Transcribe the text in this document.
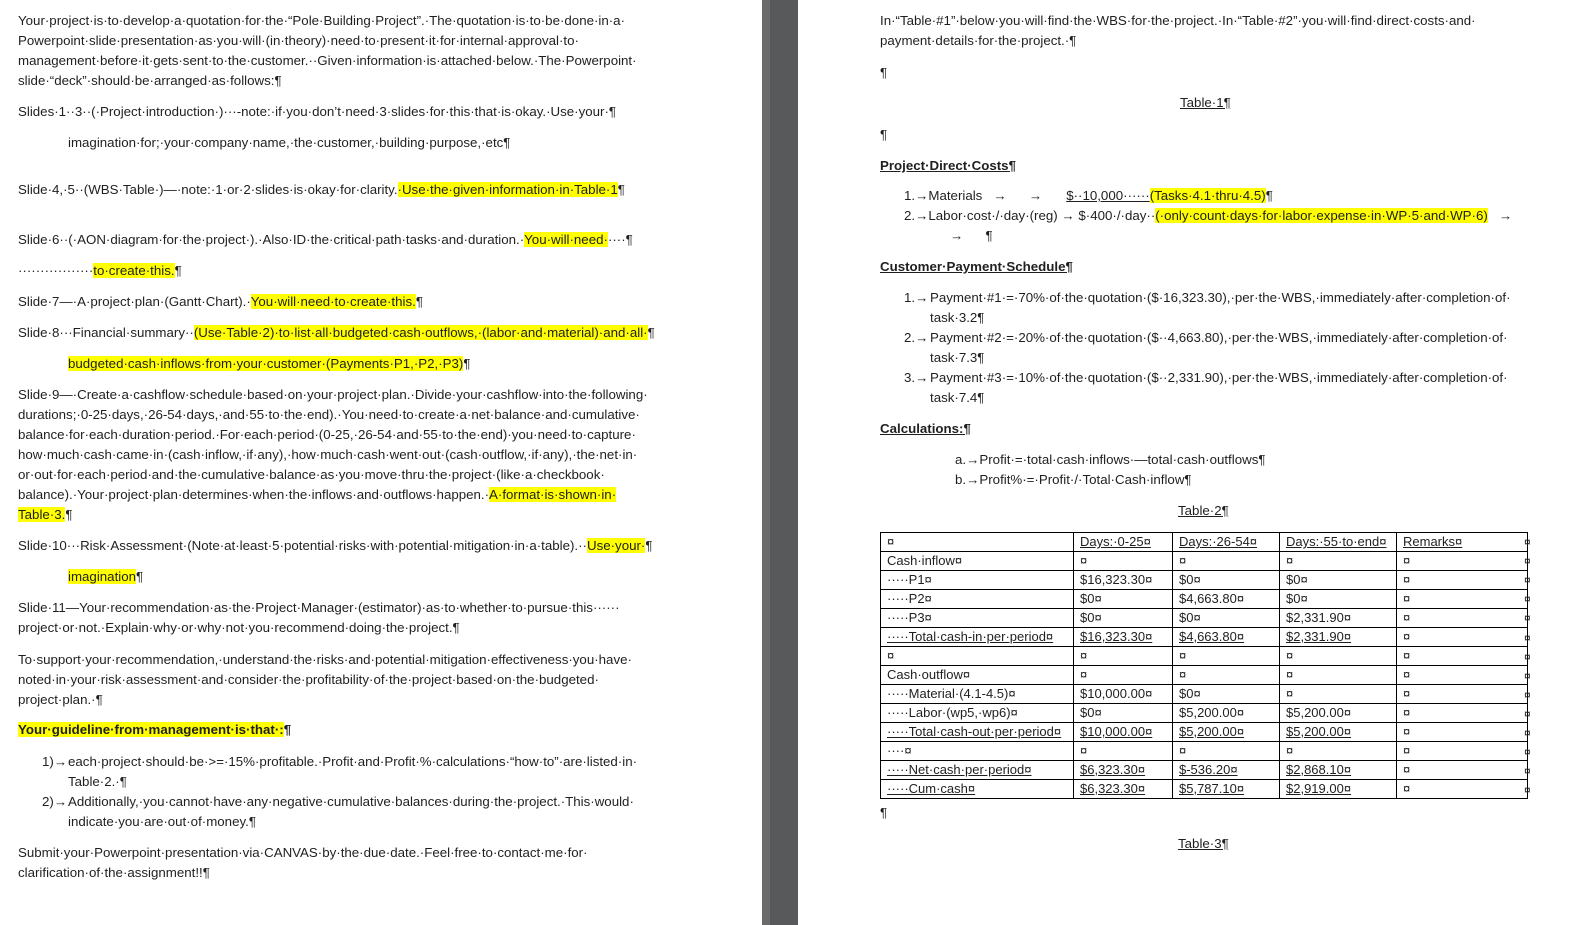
Your·project·is·to·develop·a·quotation·for·the·“Pole·Building·Project”.·The·quotation·is·to·be·done·in·a·
Powerpoint·slide·presentation·as·you·will·(in·theory)·need·to·present·it·for·internal·approval·to·
management·before·it·gets·sent·to·the·customer.··Given·information·is·attached·below.·The·Powerpoint·
slide·“deck”·should·be·arranged·as·follows:¶
Slides·1··3··(·Project·introduction·)···-note:·if·you·don’t·need·3·slides·for·this·that·is·okay.·Use·your·¶
imagination·for;·your·company·name,·the·customer,·building·purpose,·etc¶
Slide·4,·5··(WBS·Table·)—·note:·1·or·2·slides·is·okay·for·clarity.·Use·the·given·information·in·Table·1¶
Slide·6··(·AON·diagram·for·the·project·).·Also·ID·the·critical·path·tasks·and·duration.·You·will·need·····¶
·················to·create·this.¶
Slide·7—·A·project·plan·(Gantt·Chart).·You·will·need·to·create·this.¶
Slide·8···Financial·summary··(Use·Table·2)·to·list·all·budgeted·cash·outflows,·(labor·and·material)·and·all·¶
budgeted·cash·inflows·from·your·customer·(Payments·P1,·P2,·P3)¶
Slide·9—·Create·a·cashflow·schedule·based·on·your·project·plan.·Divide·your·cashflow·into·the·following·
durations;·0-25·days,·26-54·days,·and·55·to·the·end).·You·need·to·create·a·net·balance·and·cumulative·
balance·for·each·duration·period.·For·each·period·(0-25,·26-54·and·55·to·the·end)·you·need·to·capture·
how·much·cash·came·in·(cash·inflow,·if·any),·how·much·cash·went·out·(cash·outflow,·if·any),·the·net·in·
or·out·for·each·period·and·the·cumulative·balance·as·you·move·thru·the·project·(like·a·checkbook·
balance).·Your·project·plan·determines·when·the·inflows·and·outflows·happen.·A·format·is·shown·in·
Table·3.¶
Slide·10···Risk·Assessment·(Note·at·least·5·potential·risks·with·potential·mitigation·in·a·table).··Use·your·¶
imagination¶
Slide·11—Your·recommendation·as·the·Project·Manager·(estimator)·as·to·whether·to·pursue·this······
project·or·not.·Explain·why·or·why·not·you·recommend·doing·the·project.¶
To·support·your·recommendation,·understand·the·risks·and·potential·mitigation·effectiveness·you·have·
noted·in·your·risk·assessment·and·consider·the·profitability·of·the·project·based·on·the·budgeted·
project·plan.·¶
Your·guideline·from·management·is·that·:¶
1)→ each·project·should·be·>=·15%·profitable.·Profit·and·Profit·%·calculations·“how·to”·are·listed·in·
Table·2.·¶
2)→ Additionally,·you·cannot·have·any·negative·cumulative·balances·during·the·project.·This·would·
indicate·you·are·out·of·money.¶
Submit·your·Powerpoint·presentation·via·CANVAS·by·the·due·date.·Feel·free·to·contact·me·for·
clarification·of·the·assignment!!¶
In·“Table·#1”·below·you·will·find·the·WBS·for·the·project.·In·“Table·#2”·you·will·find·direct·costs·and·
payment·details·for·the·project.·¶
¶
Table·1¶
¶
Project·Direct·Costs¶
1.→Materials   →      → $··10,000······(Tasks·4.1·thru·4.5)¶
2.→Labor·cost·/·day·(reg) → $·400·/·day··(·only·count·days·for·labor·expense·in·WP·5·and·WP·6)   →
→      ¶
Customer·Payment·Schedule¶
1.→ Payment·#1·=·70%·of·the·quotation·($·16,323.30),·per·the·WBS,·immediately·after·completion·of·
task·3.2¶
2.→ Payment·#2·=·20%·of·the·quotation·($··4,663.80),·per·the·WBS,·immediately·after·completion·of·
task·7.3¶
3.→ Payment·#3·=·10%·of·the·quotation·($··2,331.90),·per·the·WBS,·immediately·after·completion·of·
task·7.4¶
Calculations:¶
a.→Profit·=·total·cash·inflows·—total·cash·outflows¶
b.→Profit%·=·Profit·/·Total·Cash·inflow¶
Table·2¶
¤	Days:·0-25¤	Days:·26-54¤	Days:·55·to·end¤	Remarks¤
Cash·inflow¤	¤	¤	¤	¤
·····P1¤	$16,323.30¤	$0¤	$0¤	¤
·····P2¤	$0¤	$4,663.80¤	$0¤	¤
·····P3¤	$0¤	$0¤	$2,331.90¤	¤
·····Total·cash-in·per·period¤	$16,323.30¤	$4,663.80¤	$2,331.90¤	¤
¤	¤	¤	¤	¤
Cash·outflow¤	¤	¤	¤	¤
·····Material·(4.1-4.5)¤	$10,000.00¤	$0¤	¤	¤
·····Labor·(wp5,·wp6)¤	$0¤	$5,200.00¤	$5,200.00¤	¤
·····Total·cash-out·per·period¤	$10,000.00¤	$5,200.00¤	$5,200.00¤	¤
····¤	¤	¤	¤	¤
·····Net·cash·per·period¤	$6,323.30¤	$-536.20¤	$2,868.10¤	¤
·····Cum·cash¤	$6,323.30¤	$5,787.10¤	$2,919.00¤	¤
¤
¤
¤
¤
¤
¤
¤
¤
¤
¤
¤
¤
¤
¤
¶
Table·3¶
